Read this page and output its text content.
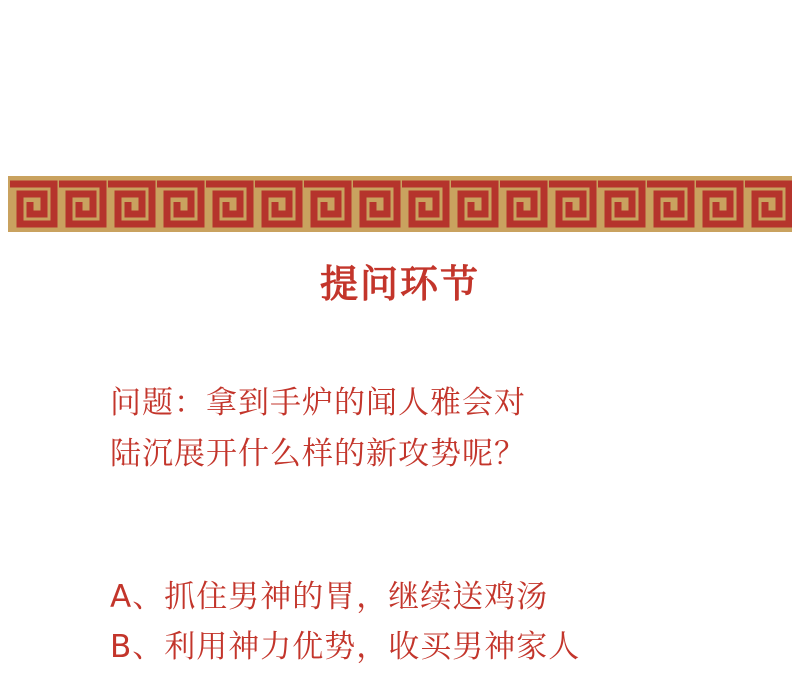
提问环节
问题：拿到手炉的闻人雅会对
陆沉展开什么样的新攻势呢？
A、抓住男神的胃，继续送鸡汤
B、利用神力优势，收买男神家人
